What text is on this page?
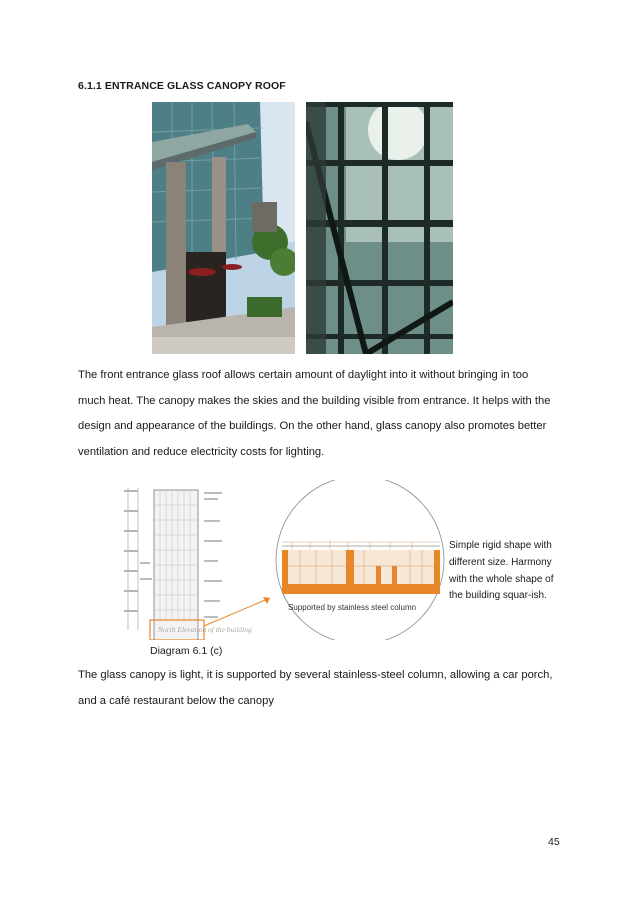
6.1.1 ENTRANCE GLASS CANOPY ROOF
The front entrance glass roof allows certain amount of daylight into it without bringing in too much heat. The canopy makes the skies and the building visible from entrance. It helps with the design and appearance of the buildings. On the other hand, glass canopy also promotes better ventilation and reduce electricity costs for lighting.
North Elevation of the building
Supported by stainless steel column
Simple rigid shape with different size. Harmony with the whole shape of the building squar-ish.
Diagram 6.1 (c)
The glass canopy is light, it is supported by several stainless-steel column, allowing a car porch, and a café restaurant below the canopy
45
